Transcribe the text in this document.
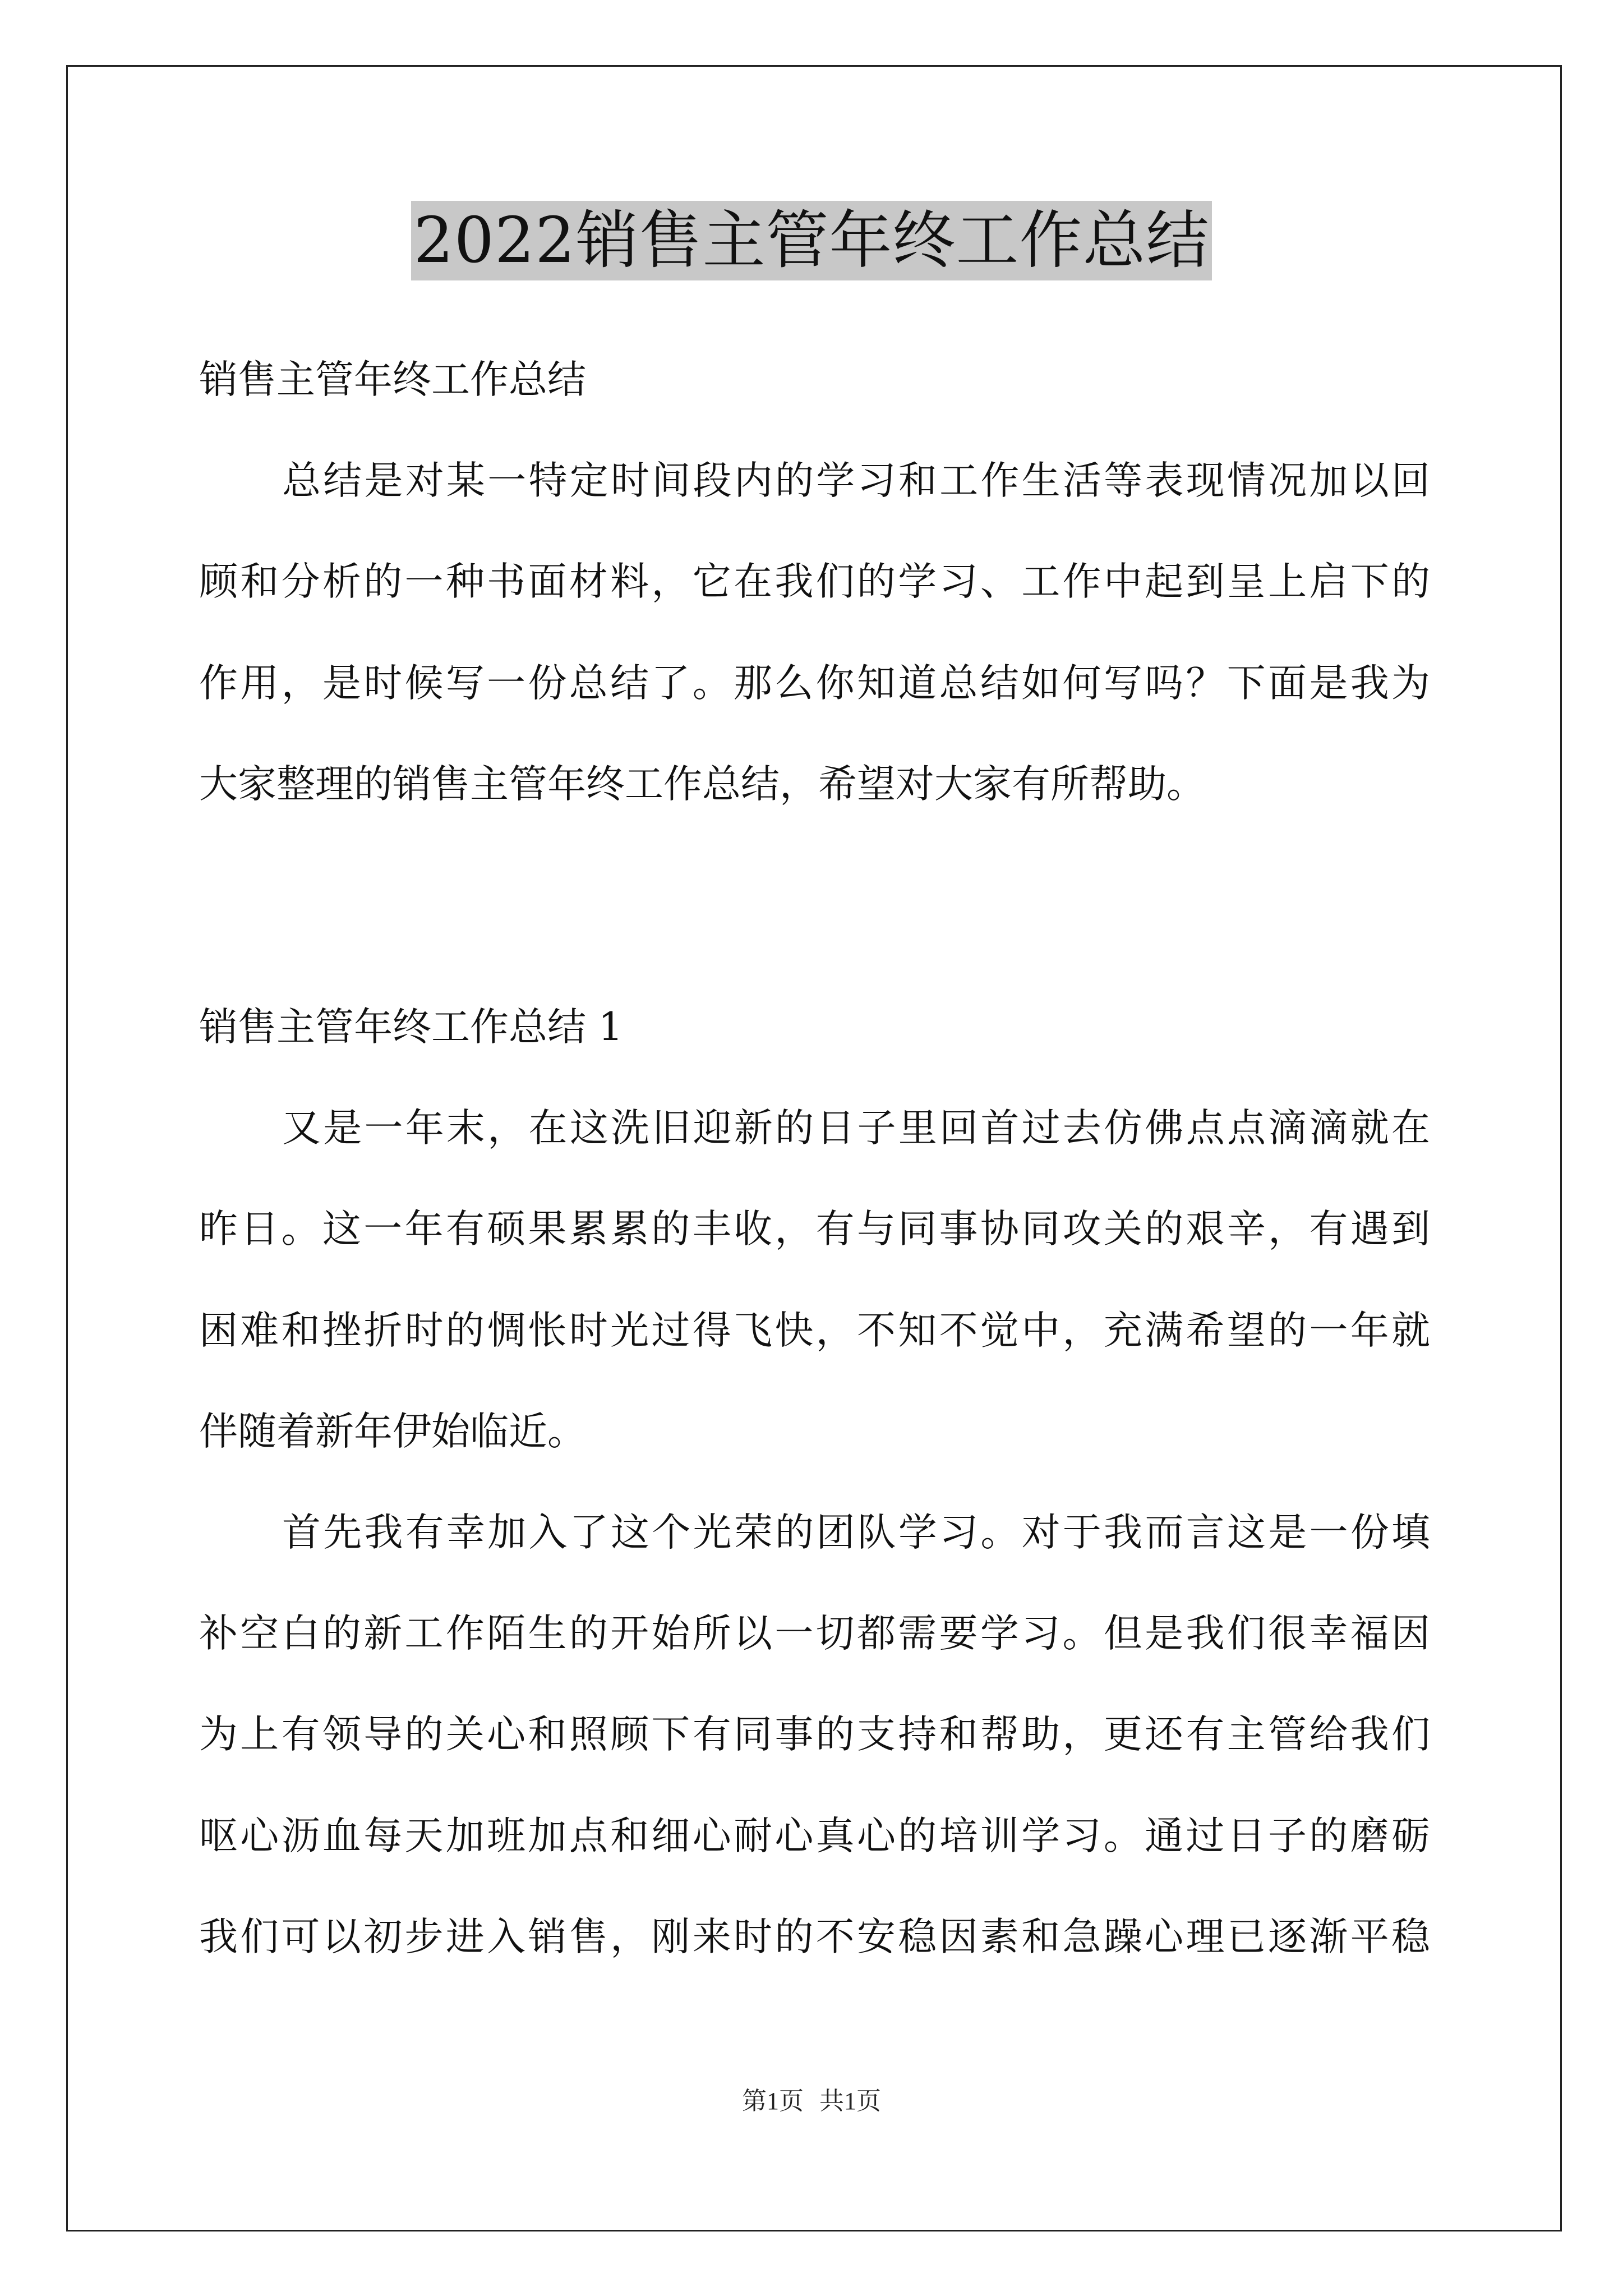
2022销售主管年终工作总结

销售主管年终工作总结

总结是对某一特定时间段内的学习和工作生活等表现情况加以回

顾和分析的一种书面材料，它在我们的学习、工作中起到呈上启下的

作用，是时候写一份总结了。那么你知道总结如何写吗？下面是我为

大家整理的销售主管年终工作总结，希望对大家有所帮助。

销售主管年终工作总结 1

又是一年末，在这洗旧迎新的日子里回首过去仿佛点点滴滴就在

昨日。这一年有硕果累累的丰收，有与同事协同攻关的艰辛，有遇到

困难和挫折时的惆怅时光过得飞快，不知不觉中，充满希望的一年就

伴随着新年伊始临近。

首先我有幸加入了这个光荣的团队学习。对于我而言这是一份填

补空白的新工作陌生的开始所以一切都需要学习。但是我们很幸福因

为上有领导的关心和照顾下有同事的支持和帮助，更还有主管给我们

呕心沥血每天加班加点和细心耐心真心的培训学习。通过日子的磨砺

我们可以初步进入销售，刚来时的不安稳因素和急躁心理已逐渐平稳

第1页 共1页
